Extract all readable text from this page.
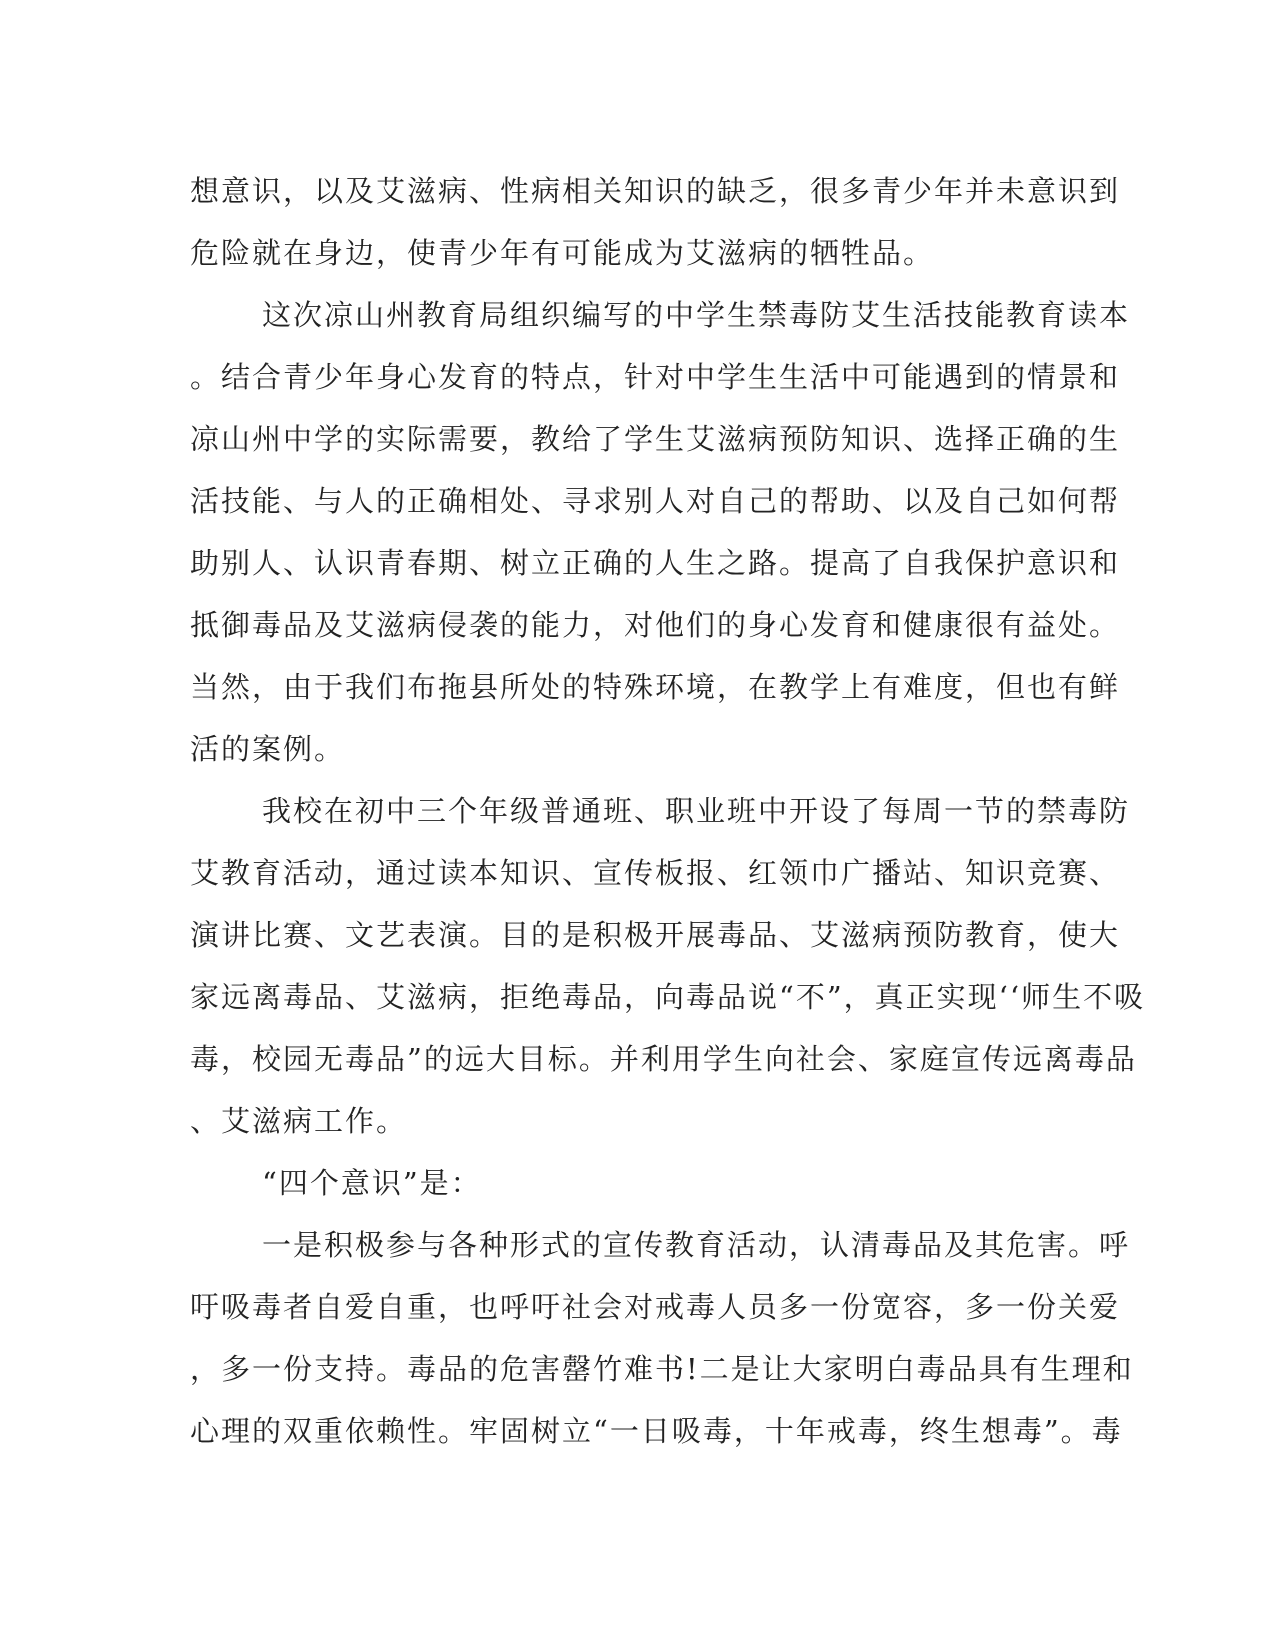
想意识，以及艾滋病、性病相关知识的缺乏，很多青少年并未意识到
危险就在身边，使青少年有可能成为艾滋病的牺牲品。
这次凉山州教育局组织编写的中学生禁毒防艾生活技能教育读本
。结合青少年身心发育的特点，针对中学生生活中可能遇到的情景和
凉山州中学的实际需要，教给了学生艾滋病预防知识、选择正确的生
活技能、与人的正确相处、寻求别人对自己的帮助、以及自己如何帮
助别人、认识青春期、树立正确的人生之路。提高了自我保护意识和
抵御毒品及艾滋病侵袭的能力，对他们的身心发育和健康很有益处。
当然，由于我们布拖县所处的特殊环境，在教学上有难度，但也有鲜
活的案例。
我校在初中三个年级普通班、职业班中开设了每周一节的禁毒防
艾教育活动，通过读本知识、宣传板报、红领巾广播站、知识竞赛、
演讲比赛、文艺表演。目的是积极开展毒品、艾滋病预防教育，使大
家远离毒品、艾滋病，拒绝毒品，向毒品说“不”，真正实现‘‘师生不吸
毒，校园无毒品”的远大目标。并利用学生向社会、家庭宣传远离毒品
、艾滋病工作。
“四个意识”是：
一是积极参与各种形式的宣传教育活动，认清毒品及其危害。呼
吁吸毒者自爱自重，也呼吁社会对戒毒人员多一份宽容，多一份关爱
，多一份支持。毒品的危害罄竹难书!二是让大家明白毒品具有生理和
心理的双重依赖性。牢固树立“一日吸毒，十年戒毒，终生想毒”。毒
